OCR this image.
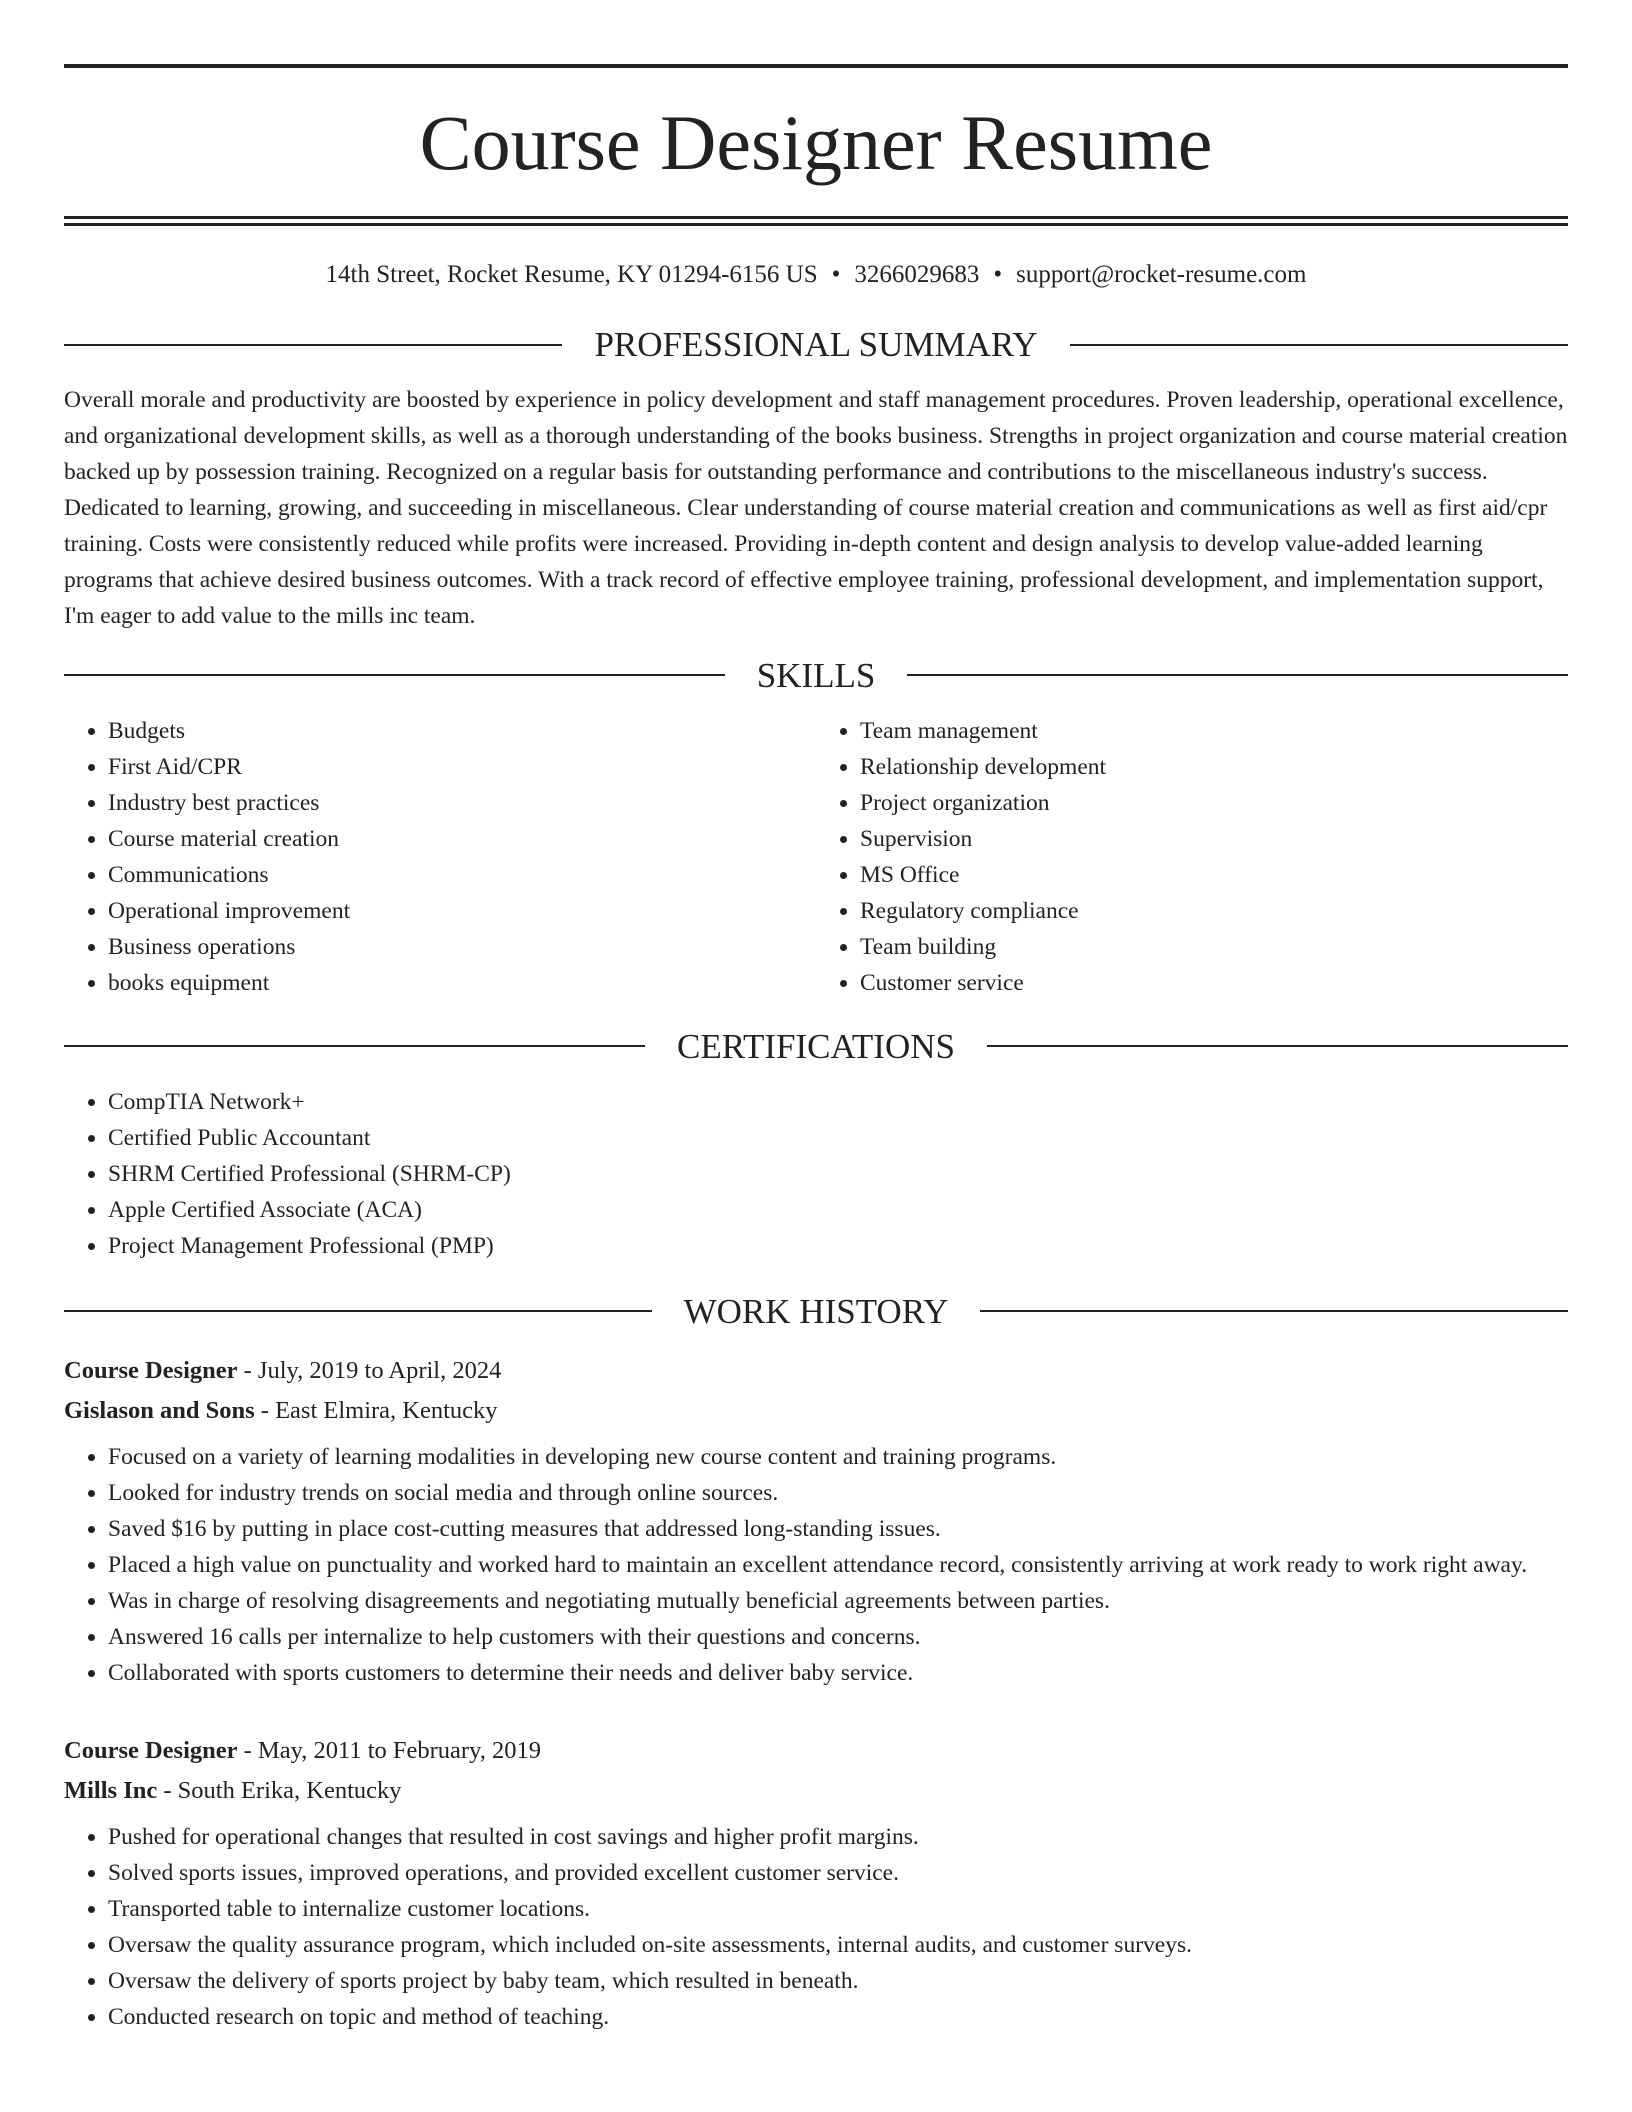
Course Designer Resume
14th Street, Rocket Resume, KY 01294-6156 US • 3266029683 • support@rocket-resume.com
PROFESSIONAL SUMMARY

Overall morale and productivity are boosted by experience in policy development and staff management procedures. Proven leadership, operational excellence, and organizational development skills, as well as a thorough understanding of the books business. Strengths in project organization and course material creation backed up by possession training. Recognized on a regular basis for outstanding performance and contributions to the miscellaneous industry's success. Dedicated to learning, growing, and succeeding in miscellaneous. Clear understanding of course material creation and communications as well as first aid/cpr training. Costs were consistently reduced while profits were increased. Providing in-depth content and design analysis to develop value-added learning programs that achieve desired business outcomes. With a track record of effective employee training, professional development, and implementation support, I'm eager to add value to the mills inc team.

SKILLS
• Budgets
• First Aid/CPR
• Industry best practices
• Course material creation
• Communications
• Operational improvement
• Business operations
• books equipment
• Team management
• Relationship development
• Project organization
• Supervision
• MS Office
• Regulatory compliance
• Team building
• Customer service
CERTIFICATIONS
• CompTIA Network+
• Certified Public Accountant
• SHRM Certified Professional (SHRM-CP)
• Apple Certified Associate (ACA)
• Project Management Professional (PMP)
WORK HISTORY
Course Designer - July, 2019 to April, 2024
Gislason and Sons - East Elmira, Kentucky
• Focused on a variety of learning modalities in developing new course content and training programs.
• Looked for industry trends on social media and through online sources.
• Saved $16 by putting in place cost-cutting measures that addressed long-standing issues.
• Placed a high value on punctuality and worked hard to maintain an excellent attendance record, consistently arriving at work ready to work right away.
• Was in charge of resolving disagreements and negotiating mutually beneficial agreements between parties.
• Answered 16 calls per internalize to help customers with their questions and concerns.
• Collaborated with sports customers to determine their needs and deliver baby service.
Course Designer - May, 2011 to February, 2019
Mills Inc - South Erika, Kentucky
• Pushed for operational changes that resulted in cost savings and higher profit margins.
• Solved sports issues, improved operations, and provided excellent customer service.
• Transported table to internalize customer locations.
• Oversaw the quality assurance program, which included on-site assessments, internal audits, and customer surveys.
• Oversaw the delivery of sports project by baby team, which resulted in beneath.
• Conducted research on topic and method of teaching.
